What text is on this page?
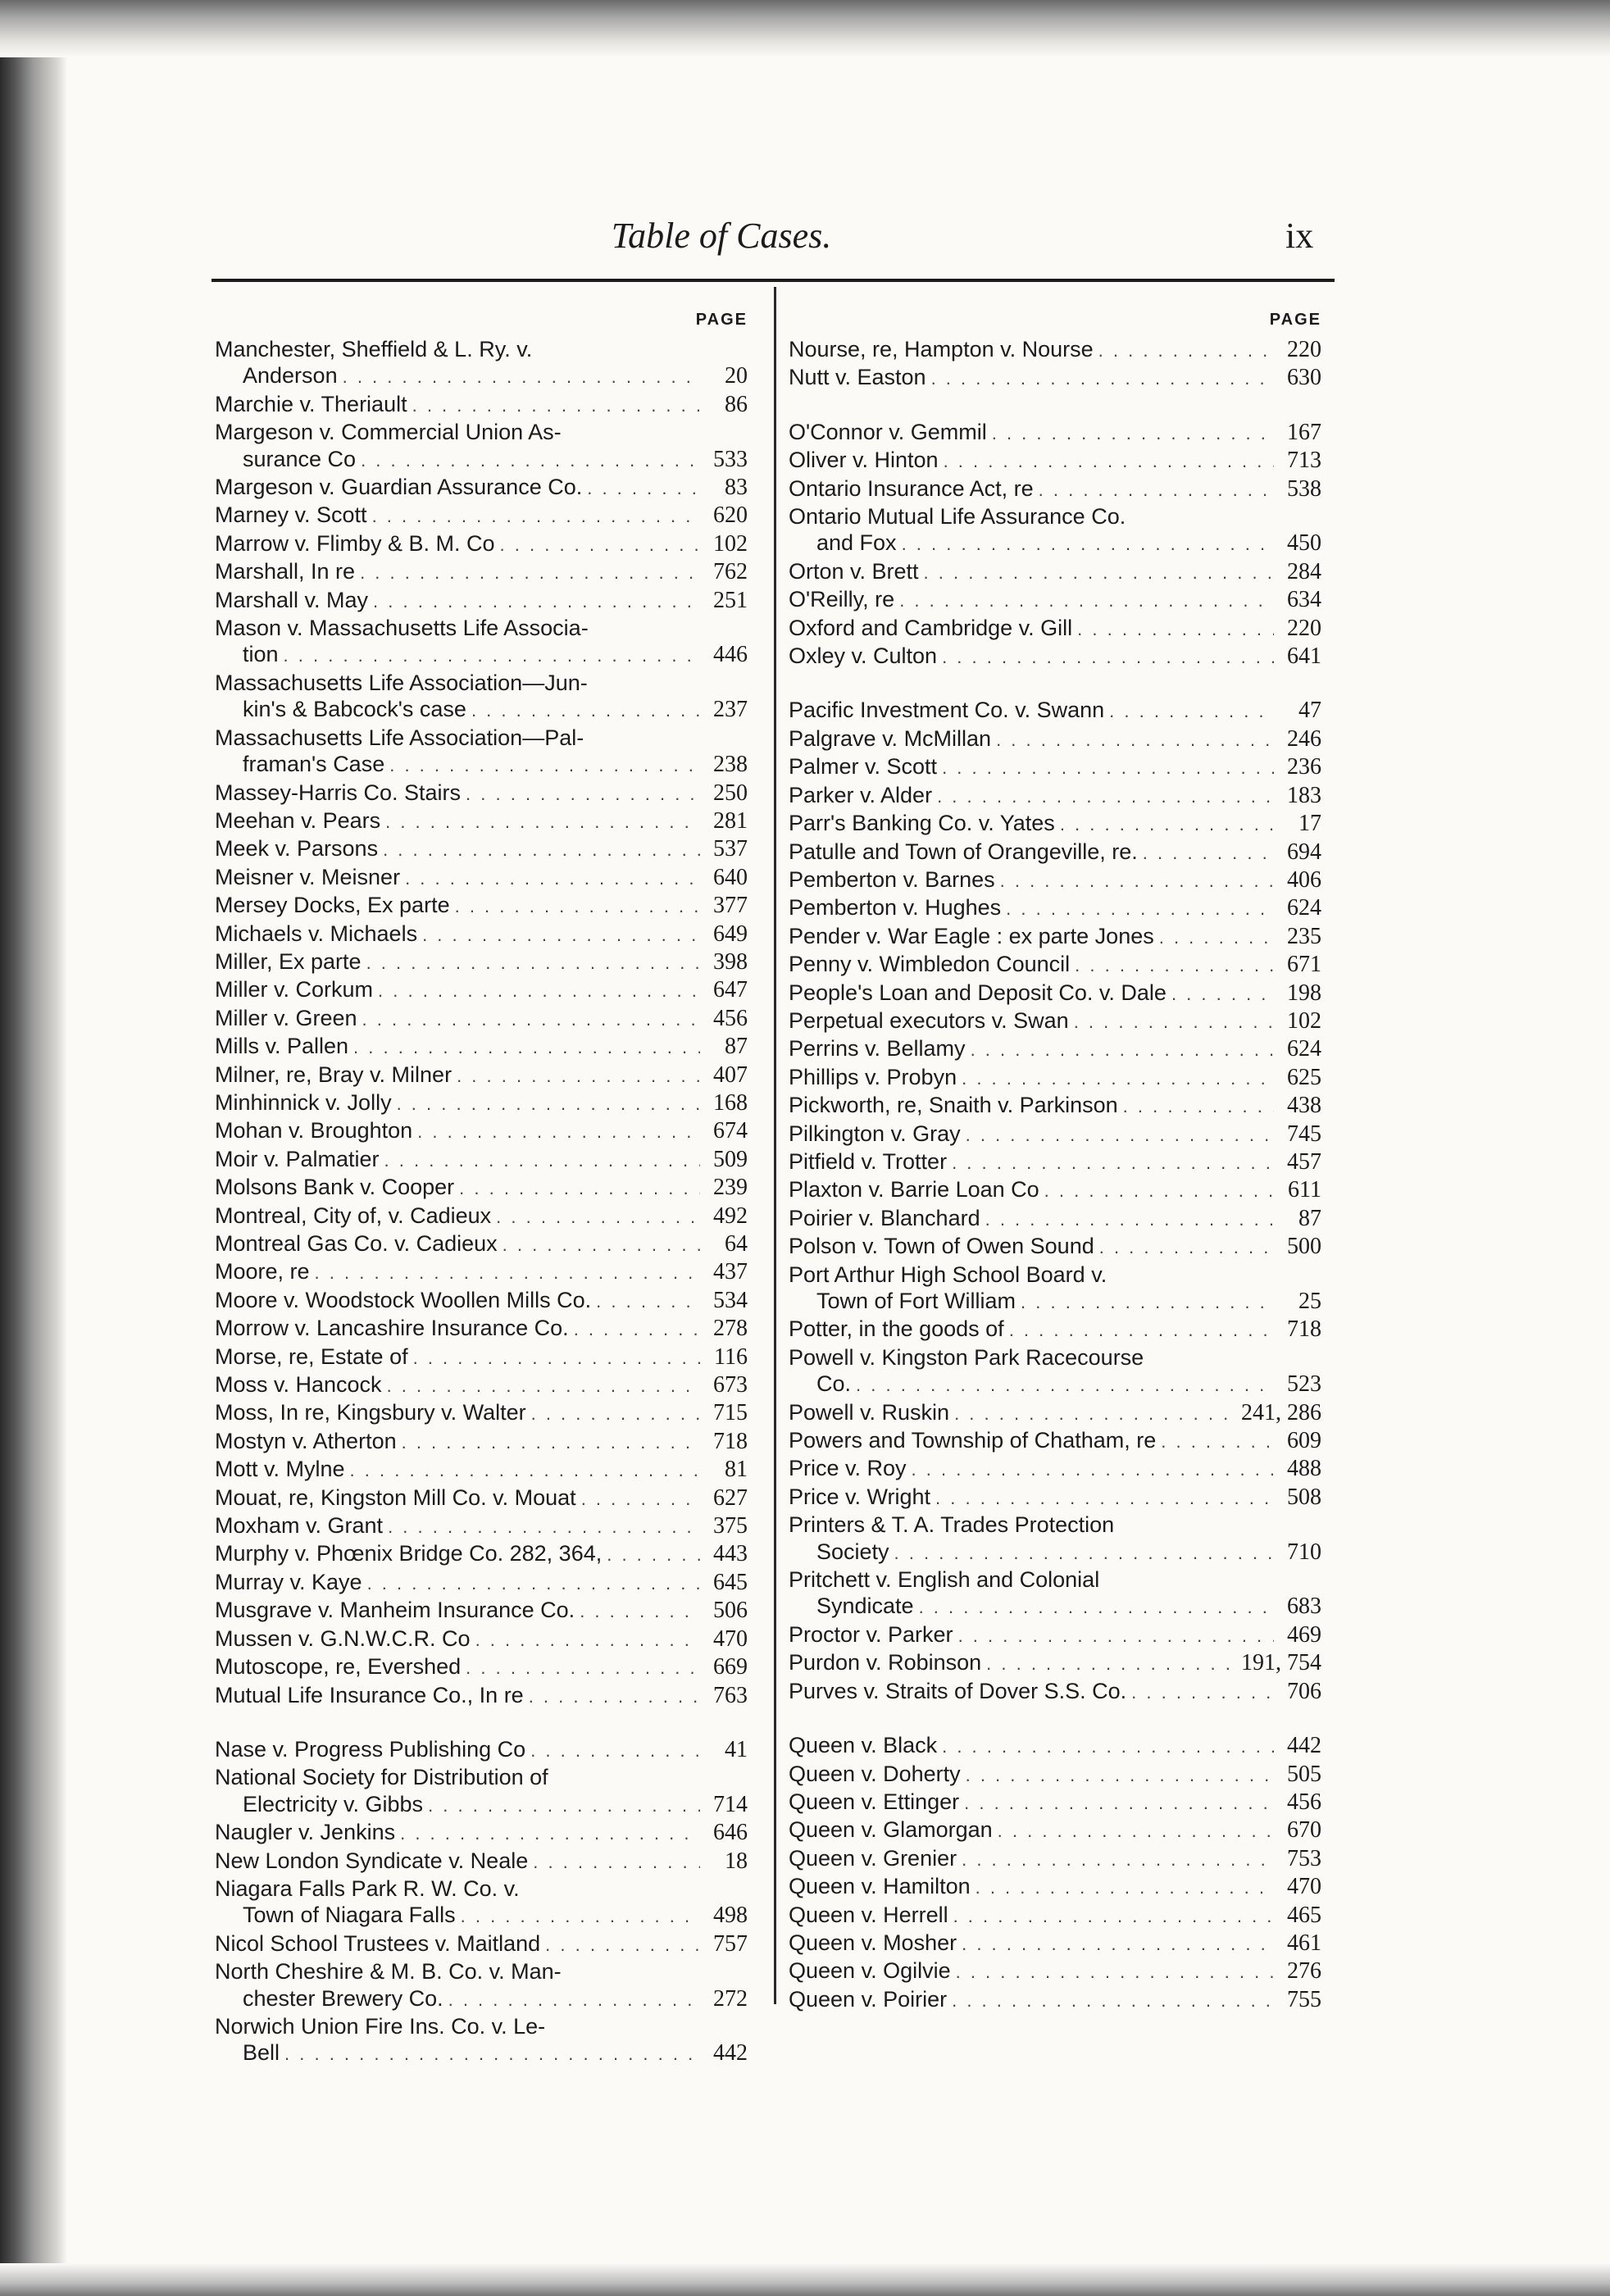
Table of Cases.	ix
PAGE
Manchester, Sheffield & L. Ry. v.
Anderson . . .	20
Marchie v. Theriault . . .	86
Margeson v. Commercial Union As-
surance Co . . .	533
Margeson v. Guardian Assurance Co. . . .	83
Marney v. Scott . . .	620
Marrow v. Flimby & B. M. Co . . .	102
Marshall, In re . . .	762
Marshall v. May . . .	251
Mason v. Massachusetts Life Associa-
tion . . .	446
Massachusetts Life Association—Jun-
kin's & Babcock's case . . .	237
Massachusetts Life Association—Pal-
framan's Case . . .	238
Massey-Harris Co. Stairs . . .	250
Meehan v. Pears . . .	281
Meek v. Parsons . . .	537
Meisner v. Meisner . . .	640
Mersey Docks, Ex parte . . .	377
Michaels v. Michaels . . .	649
Miller, Ex parte . . .	398
Miller v. Corkum . . .	647
Miller v. Green . . .	456
Mills v. Pallen . . .	87
Milner, re, Bray v. Milner . . .	407
Minhinnick v. Jolly . . .	168
Mohan v. Broughton . . .	674
Moir v. Palmatier . . .	509
Molsons Bank v. Cooper . . .	239
Montreal, City of, v. Cadieux . . .	492
Montreal Gas Co. v. Cadieux . . .	64
Moore, re . . .	437
Moore v. Woodstock Woollen Mills Co. . . .	534
Morrow v. Lancashire Insurance Co. . . .	278
Morse, re, Estate of . . .	116
Moss v. Hancock . . .	673
Moss, In re, Kingsbury v. Walter . . .	715
Mostyn v. Atherton . . .	718
Mott v. Mylne . . .	81
Mouat, re, Kingston Mill Co. v. Mouat . . .	627
Moxham v. Grant . . .	375
Murphy v. Phœnix Bridge Co. 282, 364, . . .	443
Murray v. Kaye . . .	645
Musgrave v. Manheim Insurance Co. . . .	506
Mussen v. G.N.W.C.R. Co . . .	470
Mutoscope, re, Evershed . . .	669
Mutual Life Insurance Co., In re . . .	763
Nase v. Progress Publishing Co . . .	41
National Society for Distribution of
Electricity v. Gibbs . . .	714
Naugler v. Jenkins . . .	646
New London Syndicate v. Neale . . .	18
Niagara Falls Park R. W. Co. v.
Town of Niagara Falls . . .	498
Nicol School Trustees v. Maitland . . .	757
North Cheshire & M. B. Co. v. Man-
chester Brewery Co. . . .	272
Norwich Union Fire Ins. Co. v. Le-
Bell . . .	442
PAGE
Nourse, re, Hampton v. Nourse . . .	220
Nutt v. Easton . . .	630
O'Connor v. Gemmil . . .	167
Oliver v. Hinton . . .	713
Ontario Insurance Act, re . . .	538
Ontario Mutual Life Assurance Co.
and Fox . . .	450
Orton v. Brett . . .	284
O'Reilly, re . . .	634
Oxford and Cambridge v. Gill . . .	220
Oxley v. Culton . . .	641
Pacific Investment Co. v. Swann . . .	47
Palgrave v. McMillan . . .	246
Palmer v. Scott . . .	236
Parker v. Alder . . .	183
Parr's Banking Co. v. Yates . . .	17
Patulle and Town of Orangeville, re. . . .	694
Pemberton v. Barnes . . .	406
Pemberton v. Hughes . . .	624
Pender v. War Eagle : ex parte Jones . . .	235
Penny v. Wimbledon Council . . .	671
People's Loan and Deposit Co. v. Dale . . .	198
Perpetual executors v. Swan . . .	102
Perrins v. Bellamy . . .	624
Phillips v. Probyn . . .	625
Pickworth, re, Snaith v. Parkinson . . .	438
Pilkington v. Gray . . .	745
Pitfield v. Trotter . . .	457
Plaxton v. Barrie Loan Co . . .	611
Poirier v. Blanchard . . .	87
Polson v. Town of Owen Sound . . .	500
Port Arthur High School Board v.
Town of Fort William . . .	25
Potter, in the goods of . . .	718
Powell v. Kingston Park Racecourse
Co. . . .	523
Powell v. Ruskin . . .	241, 286
Powers and Township of Chatham, re . . .	609
Price v. Roy . . .	488
Price v. Wright . . .	508
Printers & T. A. Trades Protection
Society . . .	710
Pritchett v. English and Colonial
Syndicate . . .	683
Proctor v. Parker . . .	469
Purdon v. Robinson . . .	191, 754
Purves v. Straits of Dover S.S. Co. . . .	706
Queen v. Black . . .	442
Queen v. Doherty . . .	505
Queen v. Ettinger . . .	456
Queen v. Glamorgan . . .	670
Queen v. Grenier . . .	753
Queen v. Hamilton . . .	470
Queen v. Herrell . . .	465
Queen v. Mosher . . .	461
Queen v. Ogilvie . . .	276
Queen v. Poirier . . .	755
